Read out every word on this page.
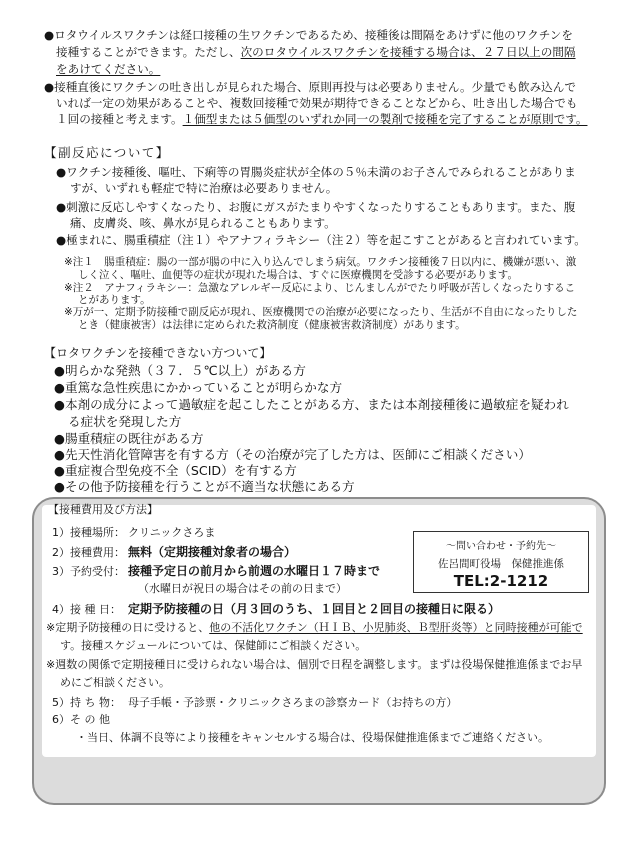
●ロタウイルスワクチンは経口接種の生ワクチンであるため、接種後は間隔をあけずに他のワクチンを
接種することができます。ただし、次のロタウイルスワクチンを接種する場合は、２７日以上の間隔
をあけてください。
●接種直後にワクチンの吐き出しが見られた場合、原則再投与は必要ありません。少量でも飲み込んで
いれば一定の効果があることや、複数回接種で効果が期待できることなどから、吐き出した場合でも
１回の接種と考えます。１価型または５価型のいずれか同一の製剤で接種を完了することが原則です。
【副反応について】
●ワクチン接種後、嘔吐、下痢等の胃腸炎症状が全体の５％未満のお子さんでみられることがありま
すが、いずれも軽症で特に治療は必要ありません。
●刺激に反応しやすくなったり、お腹にガスがたまりやすくなったりすることもあります。また、腹
痛、皮膚炎、咳、鼻水が見られることもあります。
●極まれに、腸重積症（注１）やアナフィラキシー（注２）等を起こすことがあると言われています。
※注１　腸重積症：腸の一部が腸の中に入り込んでしまう病気。ワクチン接種後７日以内に、機嫌が悪い、激
しく泣く、嘔吐、血便等の症状が現れた場合は、すぐに医療機関を受診する必要があります。
※注２　アナフィラキシー：急激なアレルギー反応により、じんましんがでたり呼吸が苦しくなったりするこ
とがあります。
※万が一、定期予防接種で副反応が現れ、医療機関での治療が必要になったり、生活が不自由になったりした
とき（健康被害）は法律に定められた救済制度（健康被害救済制度）があります。
【ロタワクチンを接種できない方ついて】
●明らかな発熱（３７．５℃以上）がある方
●重篤な急性疾患にかかっていることが明らかな方
●本剤の成分によって過敏症を起こしたことがある方、または本剤接種後に過敏症を疑われ
る症状を発現した方
●腸重積症の既往がある方
●先天性消化管障害を有する方（その治療が完了した方は、医師にご相談ください）
●重症複合型免疫不全（SCID）を有する方
●その他予防接種を行うことが不適当な状態にある方
【接種費用及び方法】
1）接種場所： クリニックさろま
2）接種費用： 無料（定期接種対象者の場合）
3）予約受付： 接種予定日の前月から前週の水曜日１７時まで
（水曜日が祝日の場合はその前の日まで）
4）接 種 日： 定期予防接種の日（月３回のうち、１回目と２回目の接種日に限る）
※定期予防接種の日に受けると、他の不活化ワクチン（ＨＩＢ、小児肺炎、Ｂ型肝炎等）と同時接種が可能で
す。接種スケジュールについては、保健師にご相談ください。
※週数の関係で定期接種日に受けられない場合は、個別で日程を調整します。まずは役場保健推進係までお早
めにご相談ください。
5）持 ち 物： 母子手帳・予診票・クリニックさろまの診察カード（お持ちの方）
6）そ の 他
・当日、体調不良等により接種をキャンセルする場合は、役場保健推進係までご連絡ください。
～問い合わせ・予約先～
佐呂間町役場　保健推進係
TEL:2-1212
